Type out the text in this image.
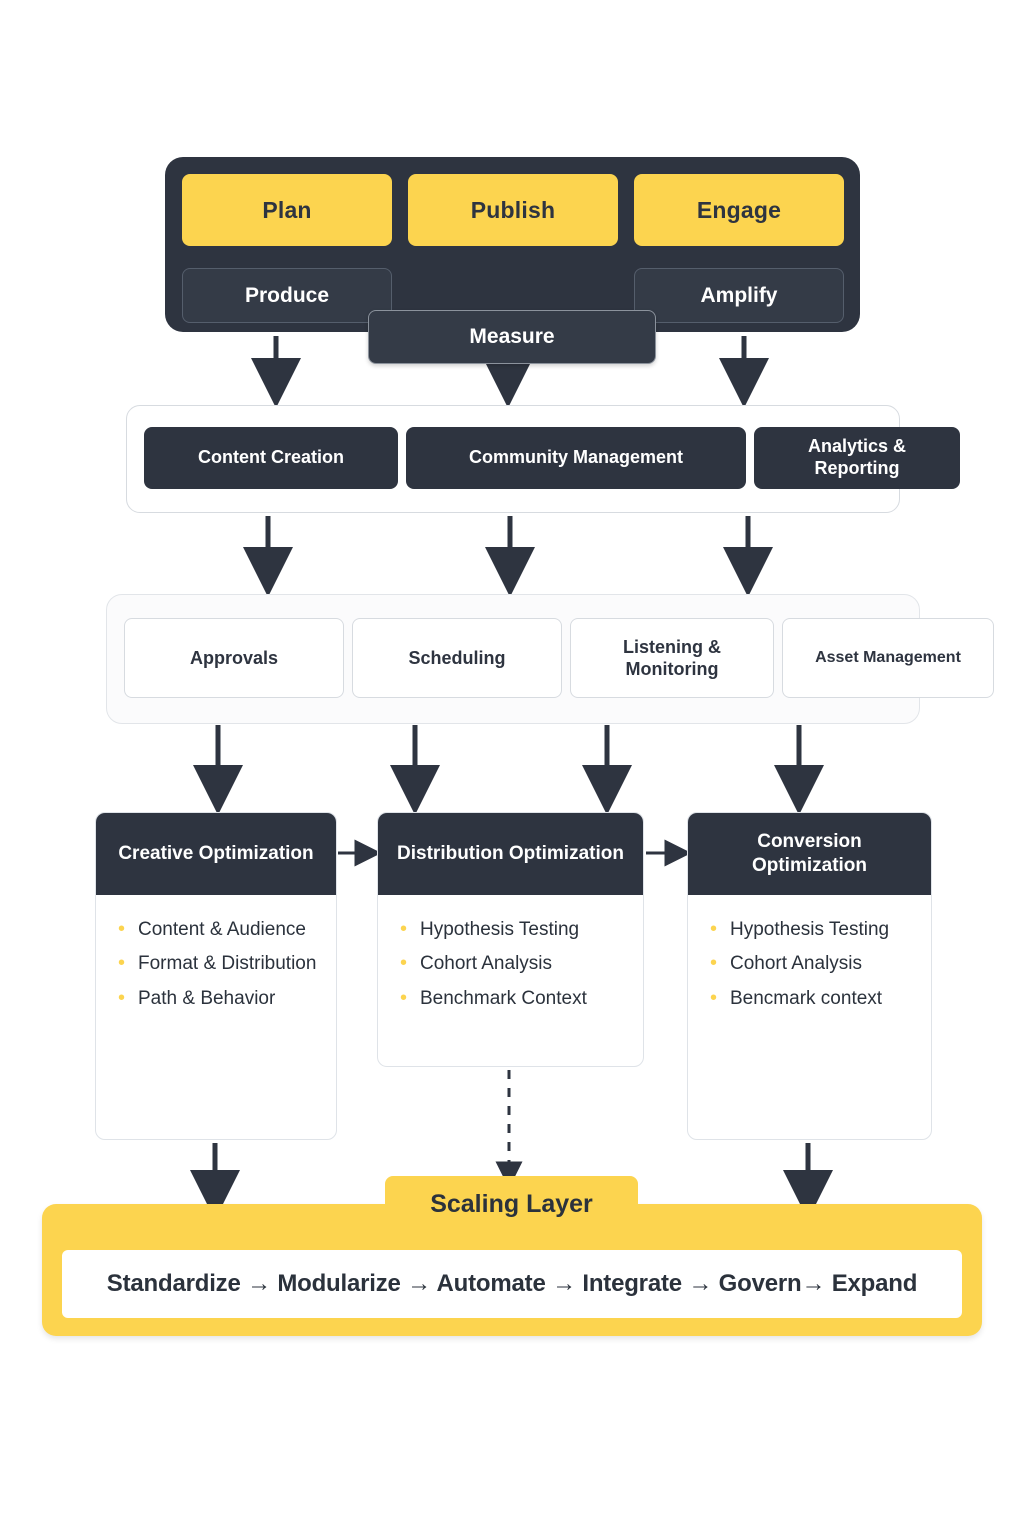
Plan	Publish	Engage
Produce	Amplify
Measure
Content Creation	Community Management
Analytics & Reporting
Approvals	Scheduling
Listening & Monitoring
Asset Management
Creative Optimization
• Content & Audience
• Format & Distribution
• Path & Behavior
Distribution Optimization
• Hypothesis Testing
• Cohort Analysis
• Benchmark Context
Conversion Optimization
• Hypothesis Testing
• Cohort Analysis
• Bencmark context
Scaling Layer
Standardize → Modularize → Automate → Integrate → Govern→ Expand
